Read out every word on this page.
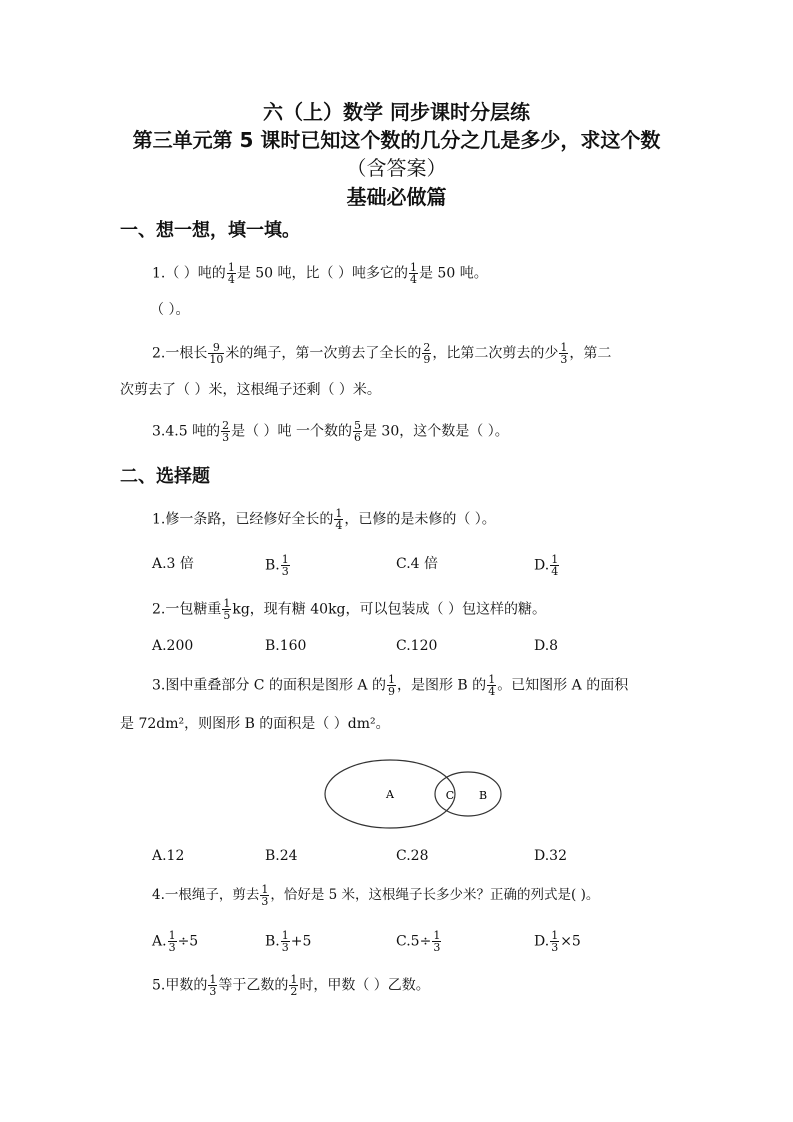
六（上）数学 同步课时分层练
第三单元第 5 课时已知这个数的几分之几是多少，求这个数
（含答案）
基础必做篇
一、想一想，填一填。
1.（ ）吨的 $\frac{1}{4}$ 是 50 吨，比（ ）吨多它的 $\frac{1}{4}$ 是 50 吨。
（ ）。
2.一根长 $\frac{9}{10}$ 米的绳子，第一次剪去了全长的 $\frac{2}{9}$ ，比第二次剪去的少 $\frac{1}{3}$ ，第二
次剪去了（ ）米，这根绳子还剩（ ）米。
3.4.5 吨的 $\frac{2}{3}$ 是（ ）吨 一个数的 $\frac{5}{6}$ 是 30，这个数是（ ）。
二、选择题
1.修一条路，已经修好全长的 $\frac{1}{4}$ ，已修的是未修的（ ）。
A.3 倍	B. $\frac{1}{3}$	C.4 倍	D. $\frac{1}{4}$
2.一包糖重 $\frac{1}{5}$ kg，现有糖 40kg，可以包装成（ ）包这样的糖。
A.200	B.160	C.120	D.8
3.图中重叠部分 C 的面积是图形 A 的 $\frac{1}{9}$ ，是图形 B 的 $\frac{1}{4}$ 。已知图形 A 的面积
是 72dm²，则图形 B 的面积是（ ）dm²。
A	C B
A.12	B.24	C.28	D.32
4.一根绳子，剪去 $\frac{1}{3}$ ，恰好是 5 米，这根绳子长多少米？正确的列式是( )。
A. $\frac{1}{3} \div 5$	B. $\frac{1}{3} +5$	$C.5\div \frac{1}{3}$	D. $\frac{1}{3} \times 5$
5.甲数的 $\frac{1}{3}$ 等于乙数的 $\frac{1}{2}$ 时，甲数（ ）乙数。
